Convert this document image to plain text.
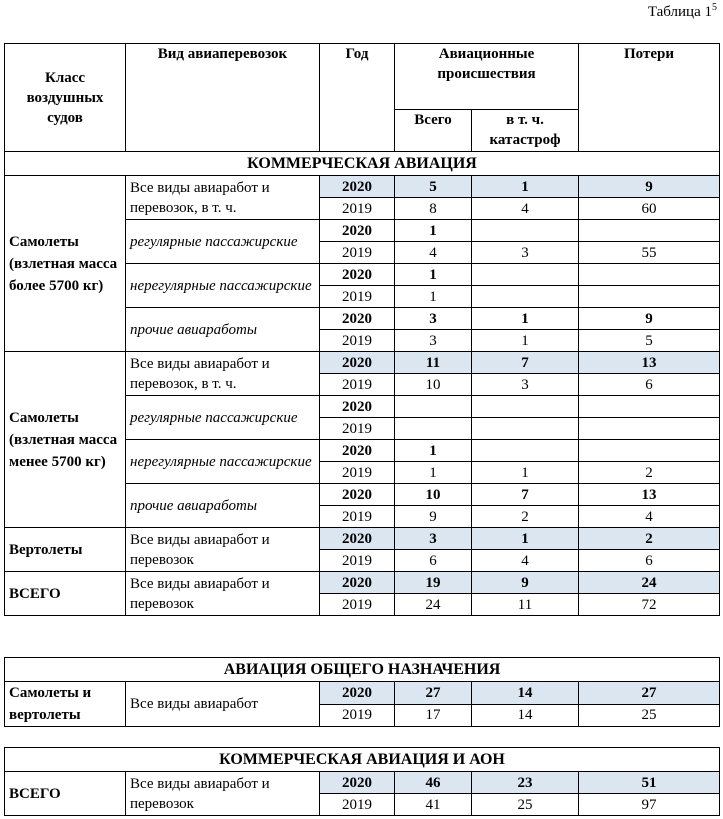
Таблица $1^5$
Класс воздушных судов	Вид авиаперевозок	Год	Авиационные происшествия		Потери
			Всего	в т. ч. катастроф	
КОММЕРЧЕСКАЯ АВИАЦИЯ					
Самолеты (взлетная масса более 5700 кг)	Все виды авиаработ и перевозок, в т. ч.	2020	5	1	9
		2019	8	4	60
	регулярные пассажирские	2020	1		
		2019	4	3	55
	нерегулярные пассажирские	2020	1		
		2019	1		
	прочие авиаработы	2020	3	1	9
		2019	3	1	5
Самолеты (взлетная масса менее 5700 кг)	Все виды авиаработ и перевозок, в т. ч.	2020	11	7	13
		2019	10	3	6
	регулярные пассажирские	2020			
		2019			
	нерегулярные пассажирские	2020	1		
		2019	1	1	2
	прочие авиаработы	2020	10	7	13
		2019	9	2	4
Вертолеты	Все виды авиаработ и перевозок	2020	3	1	2
		2019	6	4	6
ВСЕГО	Все виды авиаработ и перевозок	2020	19	9	24
		2019	24	11	72
АВИАЦИЯ ОБЩЕГО НАЗНАЧЕНИЯ					
Самолеты и вертолеты	Все виды авиаработ	2020	27	14	27
		2019	17	14	25
КОММЕРЧЕСКАЯ АВИАЦИЯ И АОН					
ВСЕГО	Все виды авиаработ и перевозок	2020	46	23	51
		2019	41	25	97
